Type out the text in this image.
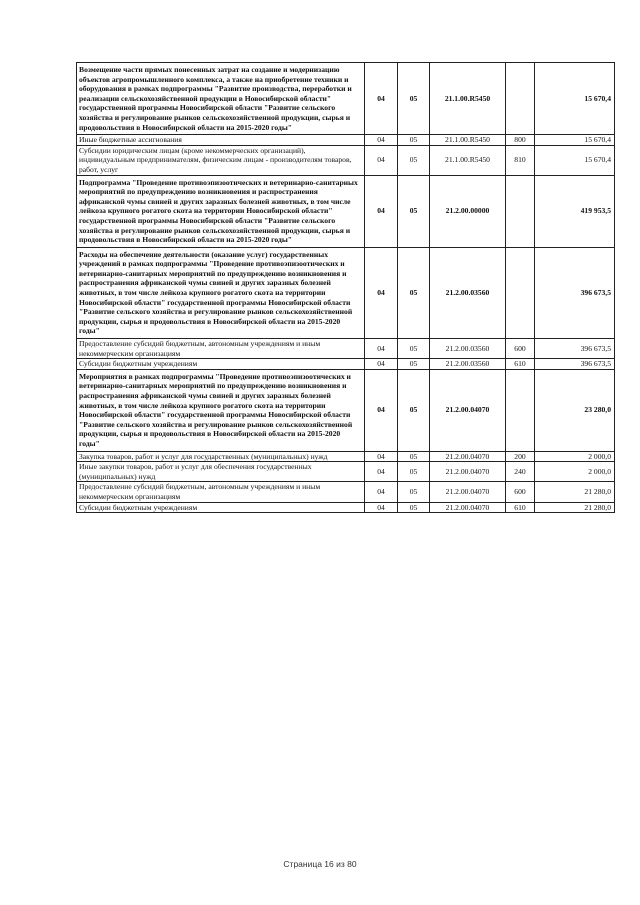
Возмещение части прямых понесенных затрат на создание и модернизацию объектов агропромышленного комплекса, а также на приобретение техники и оборудования в рамках подпрограммы "Развитие производства, переработки и реализации сельскохозяйственной продукции в Новосибирской области" государственной программы Новосибирской области "Развитие сельского хозяйства и регулирование рынков сельскохозяйственной продукции, сырья и продовольствия в Новосибирской области на 2015-2020 годы"	04	05	21.1.00.R5450		15 670,4
Иные бюджетные ассигнования	04	05	21.1.00.R5450	800	15 670,4
Субсидии юридическим лицам (кроме некоммерческих организаций), индивидуальным предпринимателям, физическим лицам - производителям товаров, работ, услуг	04	05	21.1.00.R5450	810	15 670,4
Подпрограмма "Проведение противоэпизоотических и ветеринарно-санитарных мероприятий по предупреждению возникновения и распространения африканской чумы свиней и других заразных болезней животных, в том числе лейкоза крупного рогатого скота на территории Новосибирской области" государственной программы Новосибирской области "Развитие сельского хозяйства и регулирование рынков сельскохозяйственной продукции, сырья и продовольствия в Новосибирской области на 2015-2020 годы"	04	05	21.2.00.00000		419 953,5
Расходы на обеспечение деятельности (оказание услуг) государственных учреждений в рамках подпрограммы "Проведение противоэпизоотических и ветеринарно-санитарных мероприятий по предупреждению возникновения и распространения африканской чумы свиней и других заразных болезней животных, в том числе лейкоза крупного рогатого скота на территории Новосибирской области" государственной программы Новосибирской области "Развитие сельского хозяйства и регулирование рынков сельскохозяйственной продукции, сырья и продовольствия в Новосибирской области на 2015-2020 годы"	04	05	21.2.00.03560		396 673,5
Предоставление субсидий бюджетным, автономным учреждениям и иным некоммерческим организациям	04	05	21.2.00.03560	600	396 673,5
Субсидии бюджетным учреждениям	04	05	21.2.00.03560	610	396 673,5
Мероприятия в рамках подпрограммы "Проведение противоэпизоотических и ветеринарно-санитарных мероприятий по предупреждению возникновения и распространения африканской чумы свиней и других заразных болезней животных, в том числе лейкоза крупного рогатого скота на территории Новосибирской области" государственной программы Новосибирской области "Развитие сельского хозяйства и регулирование рынков сельскохозяйственной продукции, сырья и продовольствия в Новосибирской области на 2015-2020 годы"	04	05	21.2.00.04070		23 280,0
Закупка товаров, работ и услуг для государственных (муниципальных) нужд	04	05	21.2.00.04070	200	2 000,0
Иные закупки товаров, работ и услуг для обеспечения государственных (муниципальных) нужд	04	05	21.2.00.04070	240	2 000,0
Предоставление субсидий бюджетным, автономным учреждениям и иным некоммерческим организациям	04	05	21.2.00.04070	600	21 280,0
Субсидии бюджетным учреждениям	04	05	21.2.00.04070	610	21 280,0
Страница 16 из 80
